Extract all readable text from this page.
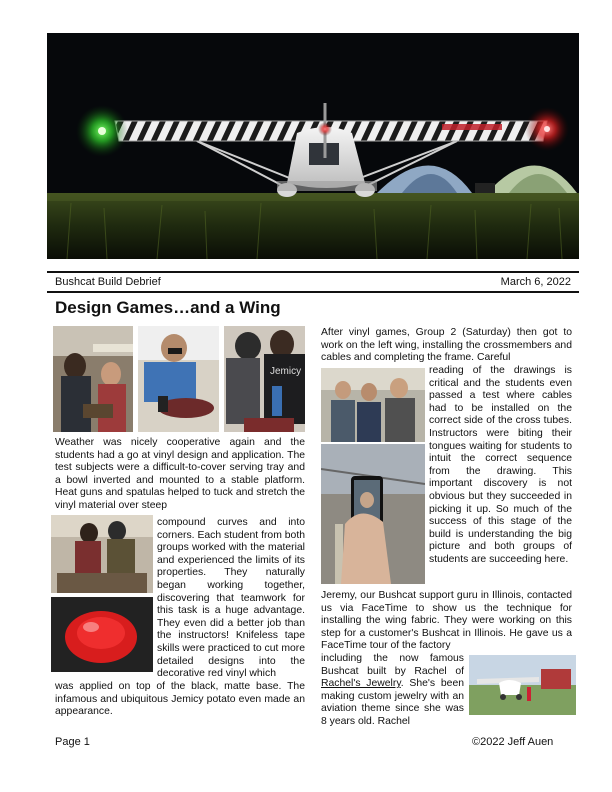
Bushcat Build Debrief	March 6, 2022
Design Games…and a Wing
Jemicy

Weather was nicely cooperative again and the students had a go at vinyl design and application. The test subjects were a difficult-to-cover serving tray and a bowl inverted and mounted to a stable platform. Heat guns and spatulas helped to tuck and stretch the vinyl material over steep

compound curves and into corners. Each student from both groups worked with the material and experienced the limits of its properties. They naturally began working together, discovering that teamwork for this task is a huge advantage. They even did a better job than the instructors! Knifeless tape skills were practiced to cut more detailed designs into the decorative red vinyl which

was applied on top of the black, matte base. The infamous and ubiquitous Jemicy potato even made an appearance.

After vinyl games, Group 2 (Saturday) then got to work on the left wing, installing the crossmembers and cables and completing the frame. Careful

reading of the drawings is critical and the students even passed a test where cables had to be installed on the correct side of the cross tubes. Instructors were biting their tongues waiting for students to intuit the correct sequence from the drawing. This important discovery is not obvious but they succeeded in picking it up. So much of the success of this stage of the build is understanding the big picture and both groups of students are succeeding here.

Jeremy, our Bushcat support guru in Illinois, contacted us via FaceTime to show us the technique for installing the wing fabric. They were working on this step for a customer's Bushcat in Illinois. He gave us a FaceTime tour of the factory

including the now famous Bushcat built by Rachel of Rachel's Jewelry. She's been making custom jewelry with an aviation theme since she was 8 years old. Rachel

Page 1	©2022 Jeff Auen
